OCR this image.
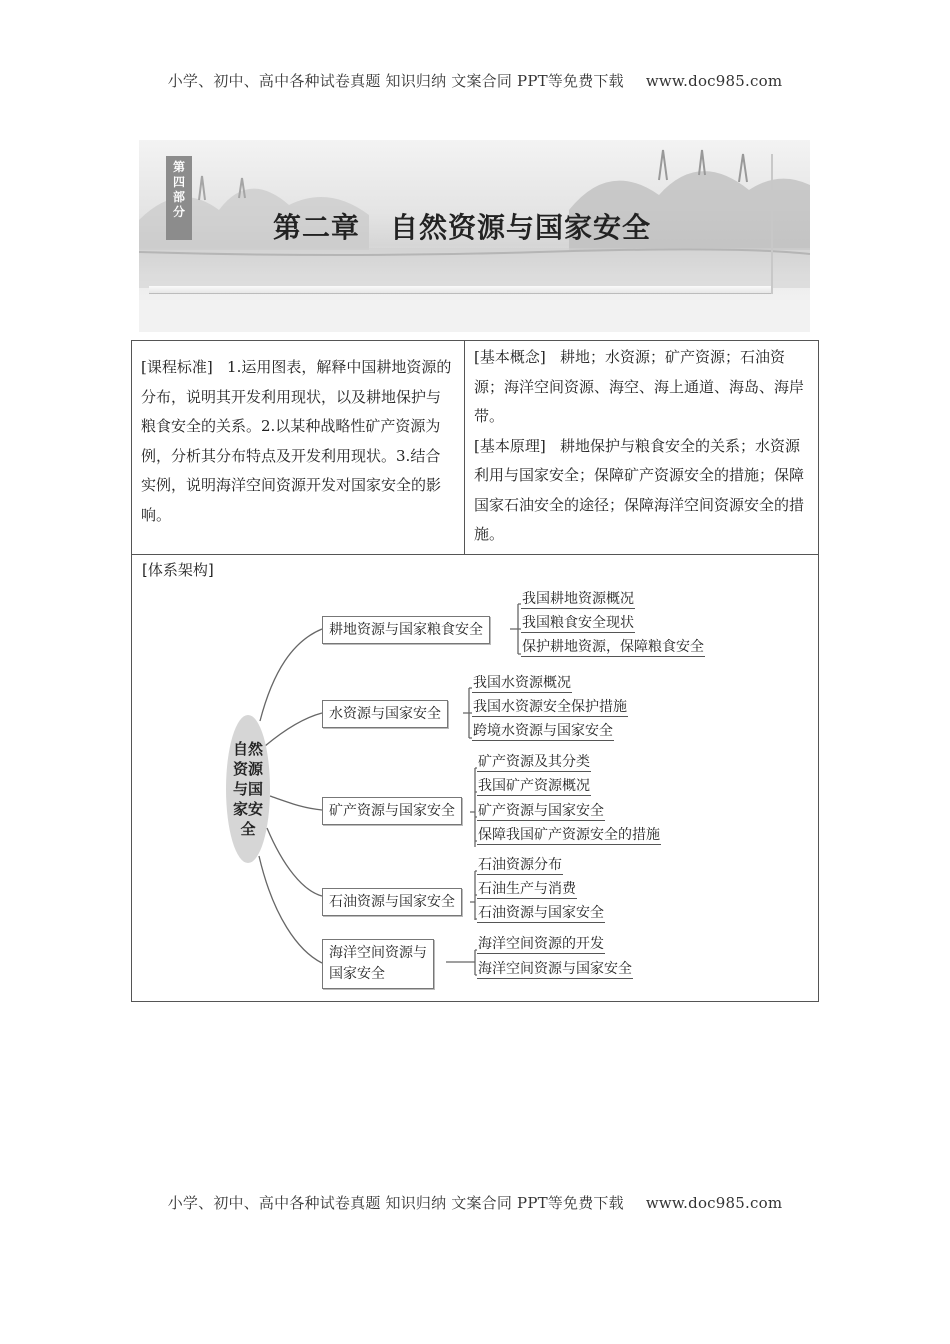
小学、初中、高中各种试卷真题 知识归纳 文案合同 PPT等免费下载 www.doc985.com
第
四
部
分	第二章 自然资源与国家安全
[课程标准]   1.运用图表，解释中国耕地资源的分布，说明其开发利用现状，以及耕地保护与粮食安全的关系。2.以某种战略性矿产资源为例，分析其分布特点及开发利用现状。3.结合实例，说明海洋空间资源开发对国家安全的影响。	
[基本概念]   耕地；水资源；矿产资源；石油资源；海洋空间资源、海空、海上通道、海岛、海岸带。
[基本原理]   耕地保护与粮食安全的关系；水资源利用与国家安全；保障矿产资源安全的措施；保障国家石油安全的途径；保障海洋空间资源安全的措施。

[体系架构]
自然
资源
与国
家安
全
耕地资源与国家粮食安全
我国耕地资源概况
我国粮食安全现状
保护耕地资源，保障粮食安全
水资源与国家安全
我国水资源概况
我国水资源安全保护措施
跨境水资源与国家安全
矿产资源与国家安全
矿产资源及其分类
我国矿产资源概况
矿产资源与国家安全
保障我国矿产资源安全的措施
石油资源与国家安全
石油资源分布
石油生产与消费
石油资源与国家安全
海洋空间资源与
国家安全
海洋空间资源的开发
海洋空间资源与国家安全
小学、初中、高中各种试卷真题 知识归纳 文案合同 PPT等免费下载 www.doc985.com
